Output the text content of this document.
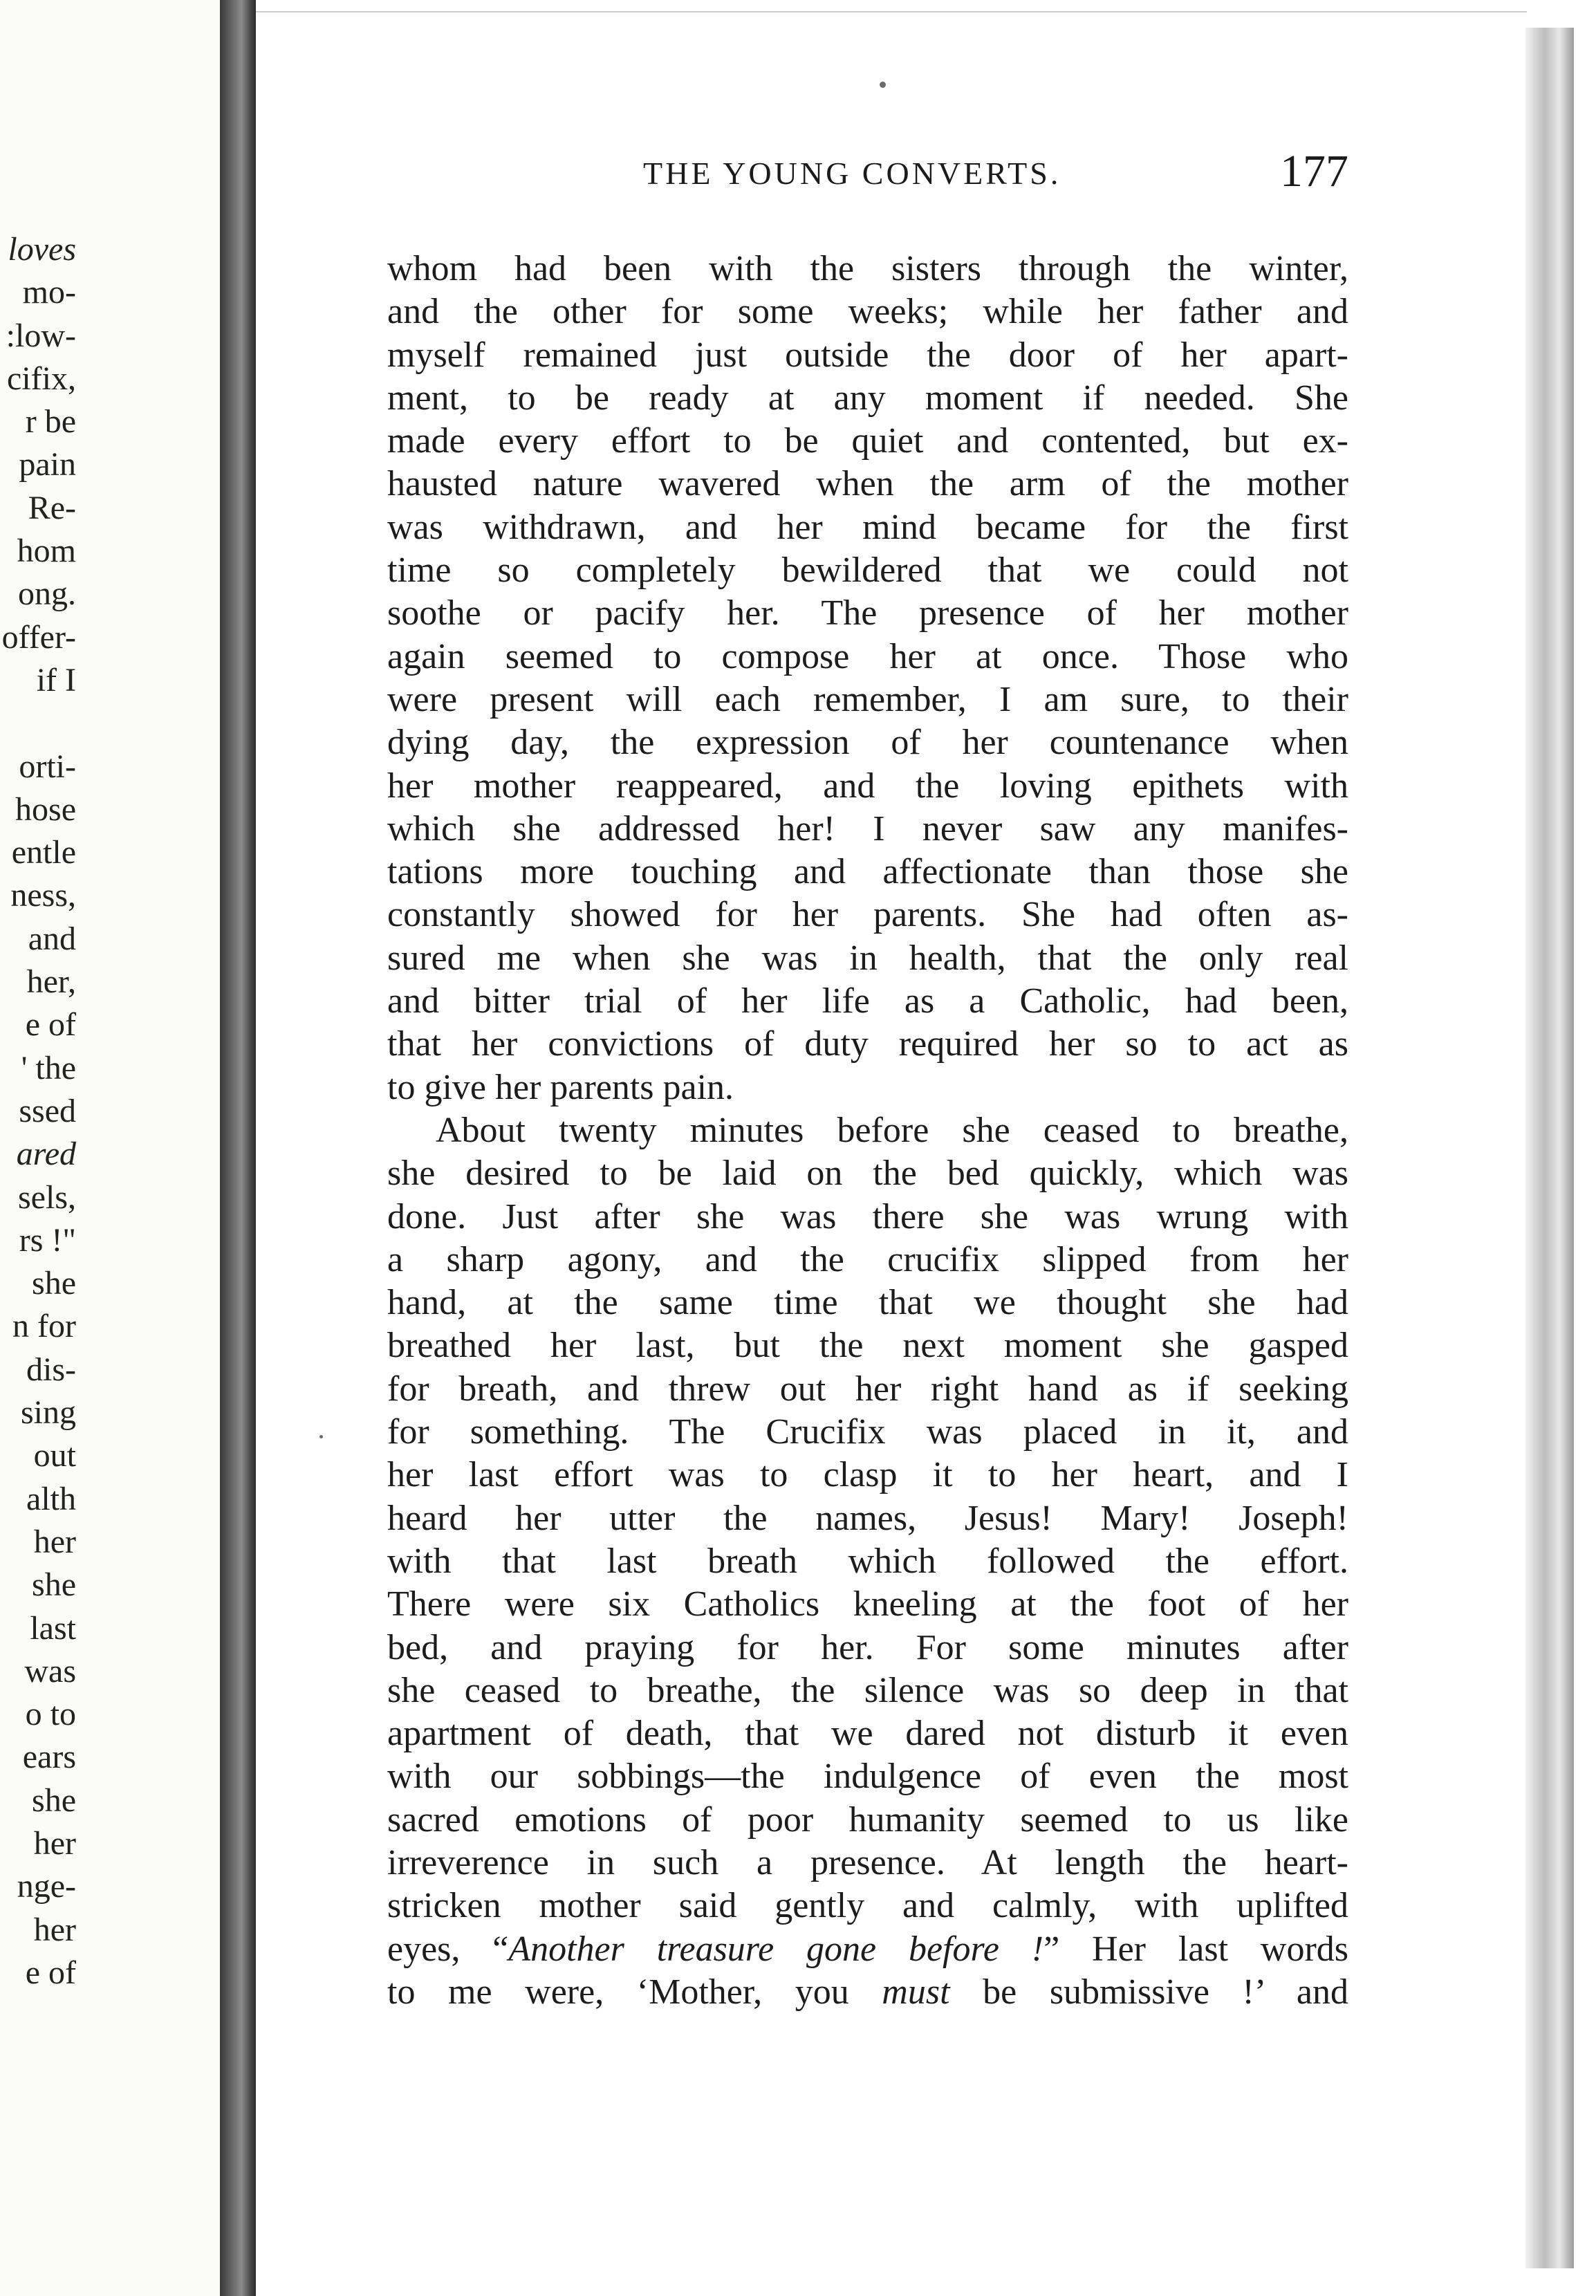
loves
mo-
:low-
cifix,
r be
pain
Re-
hom
ong.
offer-
if I
orti-
hose
entle
ness,
and
her,
e of
' the
ssed
ared
sels,
rs !"
she
n for
dis-
sing
out
alth
her
she
last
was
o to
ears
she
her
nge-
her
e of
THE YOUNG CONVERTS.	177
whom had been with the sisters through the winter,
and the other for some weeks; while her father and
myself remained just outside the door of her apart-
ment, to be ready at any moment if needed. She
made every effort to be quiet and contented, but ex-
hausted nature wavered when the arm of the mother
was withdrawn, and her mind became for the first
time so completely bewildered that we could not
soothe or pacify her. The presence of her mother
again seemed to compose her at once. Those who
were present will each remember, I am sure, to their
dying day, the expression of her countenance when
her mother reappeared, and the loving epithets with
which she addressed her! I never saw any manifes-
tations more touching and affectionate than those she
constantly showed for her parents. She had often as-
sured me when she was in health, that the only real
and bitter trial of her life as a Catholic, had been,
that her convictions of duty required her so to act as
to give her parents pain.
About twenty minutes before she ceased to breathe,
she desired to be laid on the bed quickly, which was
done. Just after she was there she was wrung with
a sharp agony, and the crucifix slipped from her
hand, at the same time that we thought she had
breathed her last, but the next moment she gasped
for breath, and threw out her right hand as if seeking
for something. The Crucifix was placed in it, and
her last effort was to clasp it to her heart, and I
heard her utter the names, Jesus! Mary! Joseph!
with that last breath which followed the effort.
There were six Catholics kneeling at the foot of her
bed, and praying for her. For some minutes after
she ceased to breathe, the silence was so deep in that
apartment of death, that we dared not disturb it even
with our sobbings—the indulgence of even the most
sacred emotions of poor humanity seemed to us like
irreverence in such a presence. At length the heart-
stricken mother said gently and calmly, with uplifted
eyes, “Another treasure gone before !” Her last words
to me were, ‘Mother, you must be submissive !’ and
